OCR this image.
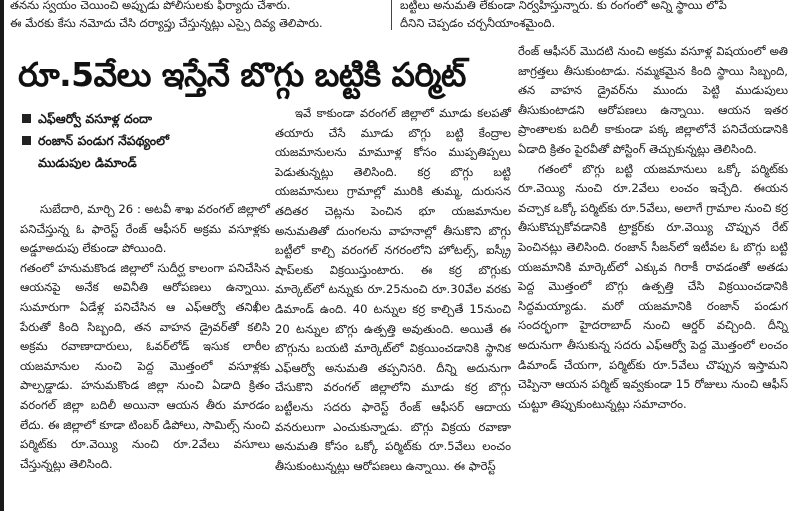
తనను స్వయం చెయించి అప్పుడు పోలీసులకు ఫిర్యాదు చేశారు.
ఈ మేరకు కేసు నమోదు చేసి దర్యాప్తు చేస్తున్నట్లు ఎస్సై దివ్య తెలిపారు.
బట్టీలు అనుమతి లేకుండా నిర్వహిస్తున్నారు. కు రంగంలో అన్ని స్థాయి లోపే
దీనిని చెప్పడం చర్చనీయాంశమైంది.
రూ.5వేలు ఇస్తేనే బొగ్గు బట్టికి పర్మిట్
ఎఫ్‌ఆర్వో వసూళ్ల దందా
రంజాన్ పండుగ నేపథ్యంలో
ముడుపుల డిమాండ్

సుబేదారి, మార్చి 26 : అటవీ శాఖ వరంగల్ జిల్లాలో పనిచేస్తున్న ఓ ఫారెస్ట్ రేంజ్ ఆఫీసర్ అక్రమ వసూళ్లకు అడ్డూఅదుపు లేకుండా పోయింది.

గతంలో హనుమకొండ జిల్లాలో సుదీర్ఘ కాలంగా పనిచేసిన ఆయనపై అనేక అవినీతి ఆరోపణలు ఉన్నాయి. సుమారుగా ఏడేళ్ల పనిచేసిన ఆ ఎఫ్‌ఆర్వో తనిఖీల పేరుతో కింది సిబ్బంది, తన వాహన డ్రైవర్‌తో కలిసి అక్రమ రవాణాదారులు, ఓవర్‌లోడ్ ఇసుక లారీల యజమానుల నుంచి పెద్ద మొత్తంలో వసూళ్లకు పాల్పడ్డాడు. హనుమకొండ జిల్లా నుంచి ఏడాది క్రితం వరంగల్ జిల్లా బదిలీ అయినా ఆయన తీరు మారడం లేదు. ఈ జిల్లాలో కూడా టింబర్ డిపోలు, సామిల్స్ నుంచి పర్మిట్‌కు రూ.వెయ్యి నుంచి రూ.2వేలు వసూలు చేస్తున్నట్లు తెలిసింది.

ఇవే కాకుండా వరంగల్ జిల్లాలో మూడు కలపతో తయారు చేసే మూడు బొగ్గు బట్టి కేంద్రాల యజమానులను మామూళ్ల కోసం ముప్పతిప్పలు పెడుతున్నట్లు తెలిసింది. కర్ర బొగ్గు బట్టి యజమానులు గ్రామాల్లో మురికి తుమ్మ, దురుసన తదితర చెట్లను పెంచిన భూ యజమానుల అనుమతితో దుంగలను వాహనాల్లో తీసుకొని బొగ్గు బట్టీలో కాల్చి వరంగల్ నగరంలోని హోటల్స్, ఐస్క్రీ షాప్‌లకు విక్రయిస్తుంటారు. ఈ కర్ర బొగ్గుకు మార్కెట్‌లో టన్నుకు రూ.25నుంచి రూ.30వేల వరకు డిమాండ్ ఉంది. 40 టన్నుల కర్ర కాల్చితే 15నుంచి 20 టన్నుల బొగ్గు ఉత్పత్తి అవుతుంది. అయితే ఈ బొగ్గును బయటి మార్కెట్‌లో విక్రయించడానికి స్థానిక ఎఫ్‌ఆర్వో అనుమతి తప్పనిసరి. దీన్ని అదునుగా చేసుకొని వరంగల్ జిల్లాలోని మూడు కర్ర బొగ్గు బట్టీలను సదరు ఫారెస్ట్ రేంజ్ ఆఫీసర్ ఆదాయ వనరులుగా ఎంచుకున్నాడు. బొగ్గు విక్రయ రవాణా అనుమతి కోసం ఒక్కో పర్మిట్‌కు రూ.5వేలు లంచం తీసుకుంటున్నట్లు ఆరోపణలు ఉన్నాయి. ఈ ఫారెస్ట్

రేంజ్ ఆఫీసర్ మొదటి నుంచి అక్రమ వసూళ్ల విషయంలో అతి జాగ్రత్తలు తీసుకుంటాడు. నమ్మకమైన కింది స్థాయి సిబ్బంది, తన వాహన డ్రైవర్‌ను ముందు పెట్టి ముడుపులు తీసుకుంటాడని ఆరోపణలు ఉన్నాయి. ఆయన ఇతర ప్రాంతాలకు బదిలీ కాకుండా పక్క జిల్లాలోనే పనిచేయడానికి ఏడాది క్రితం పైరవీతో పోస్టింగ్ తెచ్చుకున్నట్లు తెలిసింది.

గతంలో బొగ్గు బట్టి యజమానులు ఒక్కో పర్మిట్‌కు రూ.వెయ్యి నుంచి రూ.2వేలు లంచం ఇచ్చేది. ఈయన వచ్చాక ఒక్కో పర్మిట్‌కు రూ.5వేలు, అలాగే గ్రామాల నుంచి కర్ర తీసుకొచ్చుకోవడానికి ట్రాక్టర్‌కు రూ.వెయ్యి చొప్పున రేట్ పెంచినట్లు తెలిసింది. రంజాన్ సీజన్‌లో ఇటీవల ఓ బొగ్గు బట్టి యజమానికి మార్కెట్‌లో ఎక్కువ గిరాకీ రావడంతో అతడు పెద్ద మొత్తంలో బొగ్గు ఉత్పత్తి చేసి విక్రయించడానికి సిద్ధమయ్యాడు. మరో యజమానికి రంజాన్ పండుగ సందర్భంగా హైదరాబాద్ నుంచి ఆర్డర్ వచ్చింది. దీన్ని అదునుగా తీసుకున్న సదరు ఎఫ్‌ఆర్వో పెద్ద మొత్తంలో లంచం డిమాండ్ చేయగా, పర్మిట్‌కు రూ.5వేలు చొప్పున ఇస్తామని చెప్పినా ఆయన పర్మిట్ ఇవ్వకుండా 15 రోజులు నుంచి ఆఫీస్ చుట్టూ తిప్పుకుంటున్నట్లు సమాచారం.
